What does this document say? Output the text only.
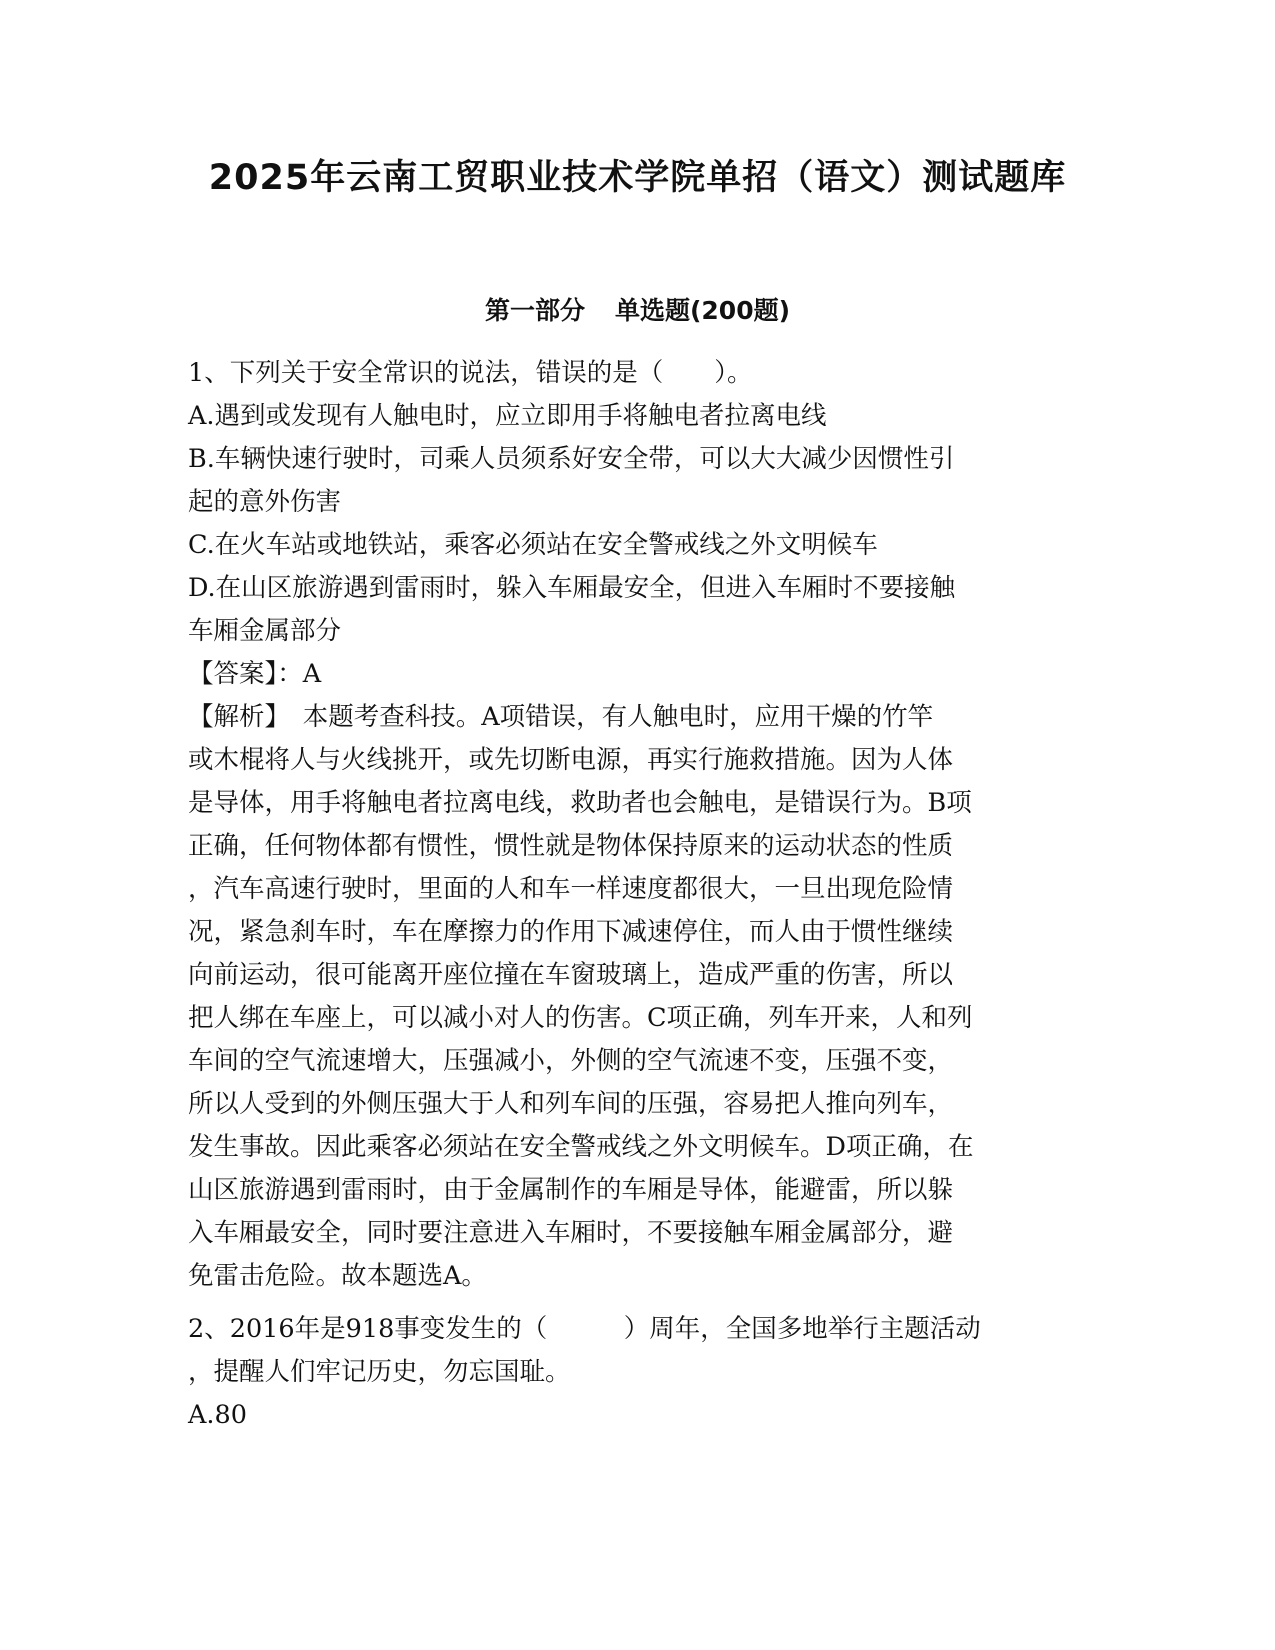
2025年云南工贸职业技术学院单招（语文）测试题库
第一部分 单选题(200题)
1、下列关于安全常识的说法，错误的是（　　）。
A.遇到或发现有人触电时，应立即用手将触电者拉离电线
B.车辆快速行驶时，司乘人员须系好安全带，可以大大减少因惯性引
起的意外伤害
C.在火车站或地铁站，乘客必须站在安全警戒线之外文明候车
D.在山区旅游遇到雷雨时，躲入车厢最安全，但进入车厢时不要接触
车厢金属部分
【答案】：A
【解析】　本题考查科技。A项错误，有人触电时，应用干燥的竹竿
或木棍将人与火线挑开，或先切断电源，再实行施救措施。因为人体
是导体，用手将触电者拉离电线，救助者也会触电，是错误行为。B项
正确，任何物体都有惯性，惯性就是物体保持原来的运动状态的性质
，汽车高速行驶时，里面的人和车一样速度都很大，一旦出现危险情
况，紧急刹车时，车在摩擦力的作用下减速停住，而人由于惯性继续
向前运动，很可能离开座位撞在车窗玻璃上，造成严重的伤害，所以
把人绑在车座上，可以减小对人的伤害。C项正确，列车开来，人和列
车间的空气流速增大，压强减小，外侧的空气流速不变，压强不变，
所以人受到的外侧压强大于人和列车间的压强，容易把人推向列车，
发生事故。因此乘客必须站在安全警戒线之外文明候车。D项正确，在
山区旅游遇到雷雨时，由于金属制作的车厢是导体，能避雷，所以躲
入车厢最安全，同时要注意进入车厢时，不要接触车厢金属部分，避
免雷击危险。故本题选A。
2、2016年是918事变发生的（　　　）周年，全国多地举行主题活动
，提醒人们牢记历史，勿忘国耻。
A.80
